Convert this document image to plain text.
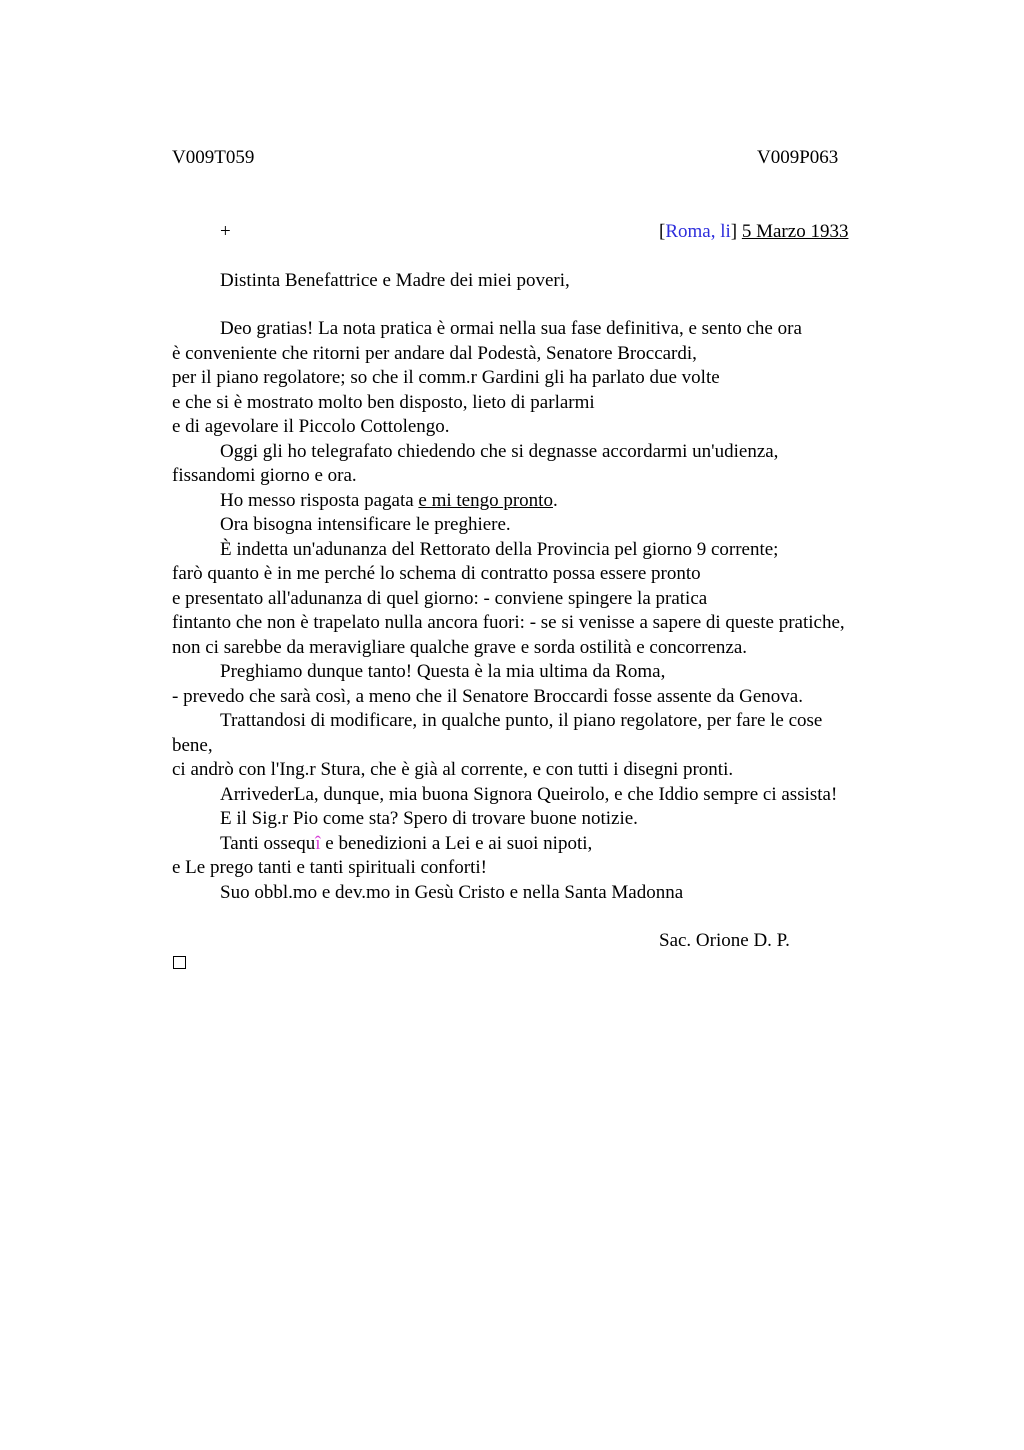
V009T059	V009P063
+	[Roma, li] 5 Marzo 1933
Distinta Benefattrice e Madre dei miei poveri,
Deo gratias! La nota pratica è ormai nella sua fase definitiva, e sento che ora
è conveniente che ritorni per andare dal Podestà, Senatore Broccardi,
per il piano regolatore; so che il comm.r Gardini gli ha parlato due volte
e che si è mostrato molto ben disposto, lieto di parlarmi
e di agevolare il Piccolo Cottolengo.
Oggi gli ho telegrafato chiedendo che si degnasse accordarmi un'udienza,
fissandomi giorno e ora.
Ho messo risposta pagata e mi tengo pronto.
Ora bisogna intensificare le preghiere.
È indetta un'adunanza del Rettorato della Provincia pel giorno 9 corrente;
farò quanto è in me perché lo schema di contratto possa essere pronto
e presentato all'adunanza di quel giorno: - conviene spingere la pratica
fintanto che non è trapelato nulla ancora fuori: - se si venisse a sapere di queste pratiche,
non ci sarebbe da meravigliare qualche grave e sorda ostilità e concorrenza.
Preghiamo dunque tanto! Questa è la mia ultima da Roma,
- prevedo che sarà così, a meno che il Senatore Broccardi fosse assente da Genova.
Trattandosi di modificare, in qualche punto, il piano regolatore, per fare le cose
bene,
ci andrò con l'Ing.r Stura, che è già al corrente, e con tutti i disegni pronti.
ArrivederLa, dunque, mia buona Signora Queirolo, e che Iddio sempre ci assista!
E il Sig.r Pio come sta? Spero di trovare buone notizie.
Tanti ossequî e benedizioni a Lei e ai suoi nipoti,
e Le prego tanti e tanti spirituali conforti!
Suo obbl.mo e dev.mo in Gesù Cristo e nella Santa Madonna
Sac. Orione D. P.
